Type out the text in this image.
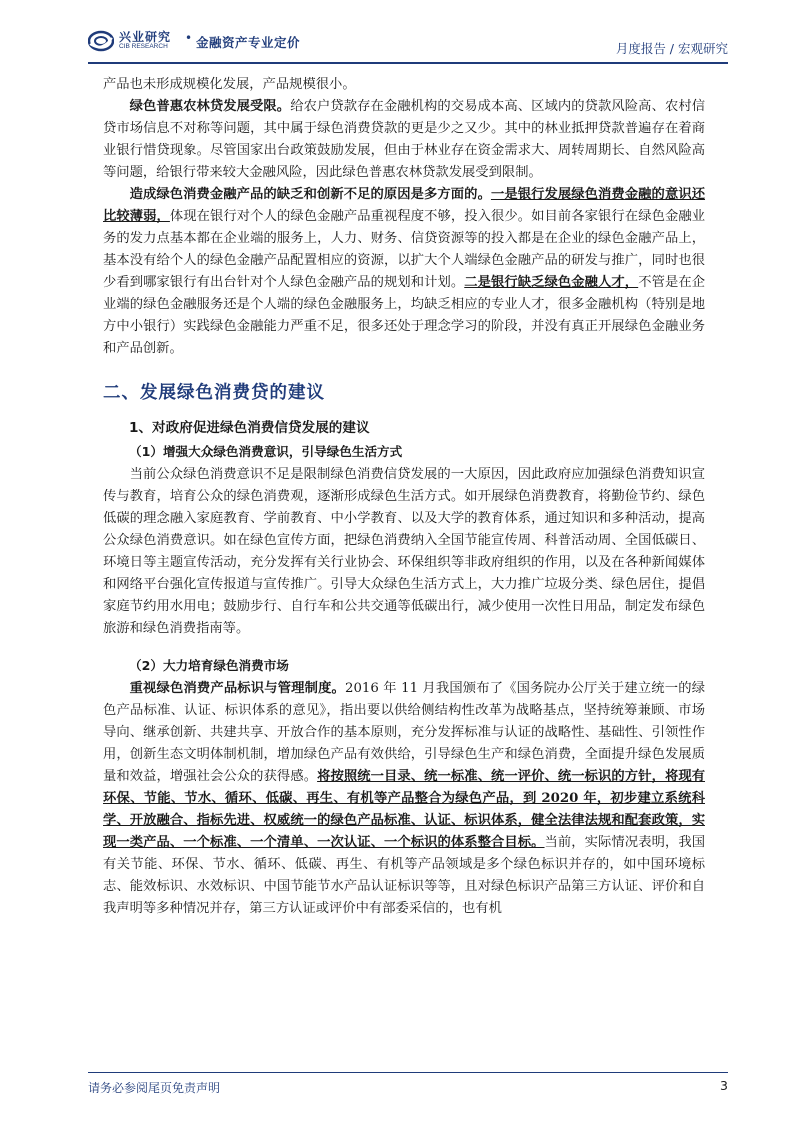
兴业研究
CIB RESEARCH
• 金融资产专业定价	月度报告 / 宏观研究

产品也未形成规模化发展，产品规模很小。

绿色普惠农林贷发展受限。给农户贷款存在金融机构的交易成本高、区域内的贷款风险高、农村信贷市场信息不对称等问题，其中属于绿色消费贷款的更是少之又少。其中的林业抵押贷款普遍存在着商业银行惜贷现象。尽管国家出台政策鼓励发展，但由于林业存在资金需求大、周转周期长、自然风险高等问题，给银行带来较大金融风险，因此绿色普惠农林贷款发展受到限制。

造成绿色消费金融产品的缺乏和创新不足的原因是多方面的。一是银行发展绿色消费金融的意识还比较薄弱，体现在银行对个人的绿色金融产品重视程度不够，投入很少。如目前各家银行在绿色金融业务的发力点基本都在企业端的服务上，人力、财务、信贷资源等的投入都是在企业的绿色金融产品上，基本没有给个人的绿色金融产品配置相应的资源，以扩大个人端绿色金融产品的研发与推广，同时也很少看到哪家银行有出台针对个人绿色金融产品的规划和计划。二是银行缺乏绿色金融人才，不管是在企业端的绿色金融服务还是个人端的绿色金融服务上，均缺乏相应的专业人才，很多金融机构（特别是地方中小银行）实践绿色金融能力严重不足，很多还处于理念学习的阶段，并没有真正开展绿色金融业务和产品创新。

二、发展绿色消费贷的建议
1、对政府促进绿色消费信贷发展的建议
（1）增强大众绿色消费意识，引导绿色生活方式

当前公众绿色消费意识不足是限制绿色消费信贷发展的一大原因，因此政府应加强绿色消费知识宣传与教育，培育公众的绿色消费观，逐渐形成绿色生活方式。如开展绿色消费教育，将勤俭节约、绿色低碳的理念融入家庭教育、学前教育、中小学教育、以及大学的教育体系，通过知识和多种活动，提高公众绿色消费意识。如在绿色宣传方面，把绿色消费纳入全国节能宣传周、科普活动周、全国低碳日、环境日等主题宣传活动，充分发挥有关行业协会、环保组织等非政府组织的作用，以及在各种新闻媒体和网络平台强化宣传报道与宣传推广。引导大众绿色生活方式上，大力推广垃圾分类、绿色居住，提倡家庭节约用水用电；鼓励步行、自行车和公共交通等低碳出行，减少使用一次性日用品，制定发布绿色旅游和绿色消费指南等。

（2）大力培育绿色消费市场

重视绿色消费产品标识与管理制度。2016 年 11 月我国颁布了《国务院办公厅关于建立统一的绿色产品标准、认证、标识体系的意见》，指出要以供给侧结构性改革为战略基点，坚持统筹兼顾、市场导向、继承创新、共建共享、开放合作的基本原则，充分发挥标准与认证的战略性、基础性、引领性作用，创新生态文明体制机制，增加绿色产品有效供给，引导绿色生产和绿色消费，全面提升绿色发展质量和效益，增强社会公众的获得感。将按照统一目录、统一标准、统一评价、统一标识的方针，将现有环保、节能、节水、循环、低碳、再生、有机等产品整合为绿色产品，到 2020 年，初步建立系统科学、开放融合、指标先进、权威统一的绿色产品标准、认证、标识体系，健全法律法规和配套政策，实现一类产品、一个标准、一个清单、一次认证、一个标识的体系整合目标。当前，实际情况表明，我国有关节能、环保、节水、循环、低碳、再生、有机等产品领域是多个绿色标识并存的，如中国环境标志、能效标识、水效标识、中国节能节水产品认证标识等等，且对绿色标识产品第三方认证、评价和自我声明等多种情况并存，第三方认证或评价中有部委采信的，也有机

请务必参阅尾页免责声明	3
